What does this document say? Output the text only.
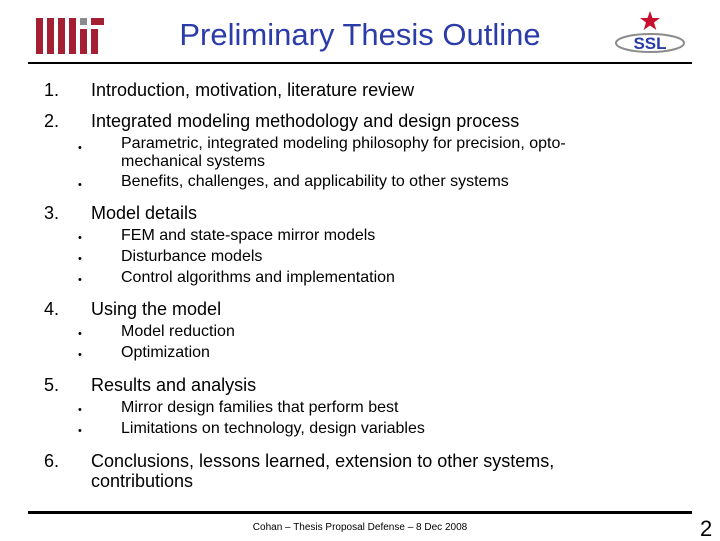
Preliminary Thesis Outline	SSL
1. Introduction, motivation, literature review
2. Integrated modeling methodology and design process
• Parametric, integrated modeling philosophy for precision, opto-mechanical systems
• Benefits, challenges, and applicability to other systems
3. Model details
• FEM and state-space mirror models
• Disturbance models
• Control algorithms and implementation
4. Using the model
• Model reduction
• Optimization
5. Results and analysis
• Mirror design families that perform best
• Limitations on technology, design variables
6. Conclusions, lessons learned, extension to other systems, contributions
Cohan – Thesis Proposal Defense – 8 Dec 2008	2
